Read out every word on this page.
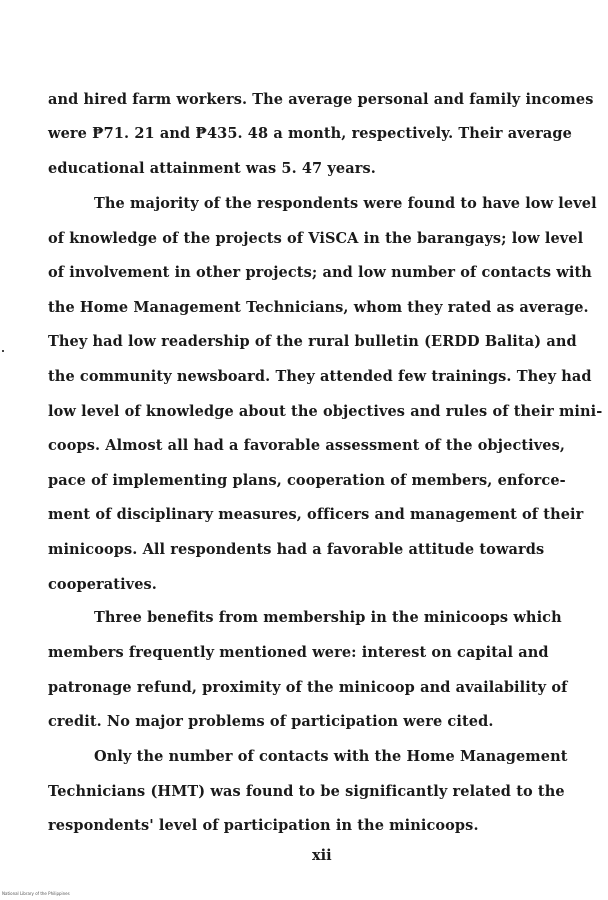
and hired farm workers. The average personal and family incomes
were ₱71. 21 and ₱435. 48 a month, respectively. Their average
educational attainment was 5. 47 years.
The majority of the respondents were found to have low level
of knowledge of the projects of ViSCA in the barangays; low level
of involvement in other projects; and low number of contacts with
the Home Management Technicians, whom they rated as average.
They had low readership of the rural bulletin (ERDD Balita) and
the community newsboard. They attended few trainings. They had
low level of knowledge about the objectives and rules of their mini-
coops. Almost all had a favorable assessment of the objectives,
pace of implementing plans, cooperation of members, enforce-
ment of disciplinary measures, officers and management of their
minicoops. All respondents had a favorable attitude towards
cooperatives.
Three benefits from membership in the minicoops which
members frequently mentioned were: interest on capital and
patronage refund, proximity of the minicoop and availability of
credit. No major problems of participation were cited.
Only the number of contacts with the Home Management
Technicians (HMT) was found to be significantly related to the
respondents' level of participation in the minicoops.
xii
National Library of the Philippines
